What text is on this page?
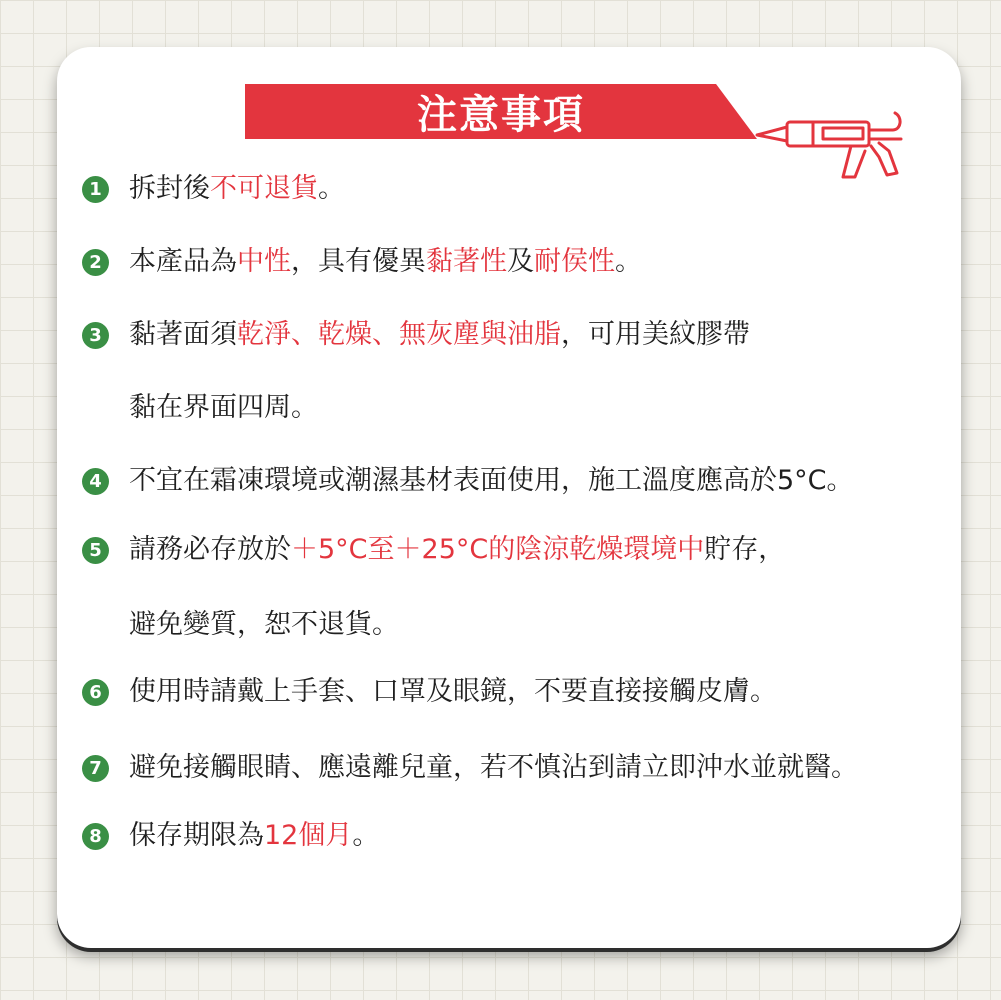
注意事項
1 拆封後不可退貨。
2 本產品為中性，具有優異黏著性及耐侯性。
3 黏著面須乾淨、乾燥、無灰塵與油脂，可用美紋膠帶
黏在界面四周。
4 不宜在霜凍環境或潮濕基材表面使用，施工溫度應高於5°C。
5 請務必存放於＋5°C至＋25°C的陰涼乾燥環境中貯存，
避免變質，恕不退貨。
6 使用時請戴上手套、口罩及眼鏡，不要直接接觸皮膚。
7 避免接觸眼睛、應遠離兒童，若不慎沾到請立即沖水並就醫。
8 保存期限為12個月。
